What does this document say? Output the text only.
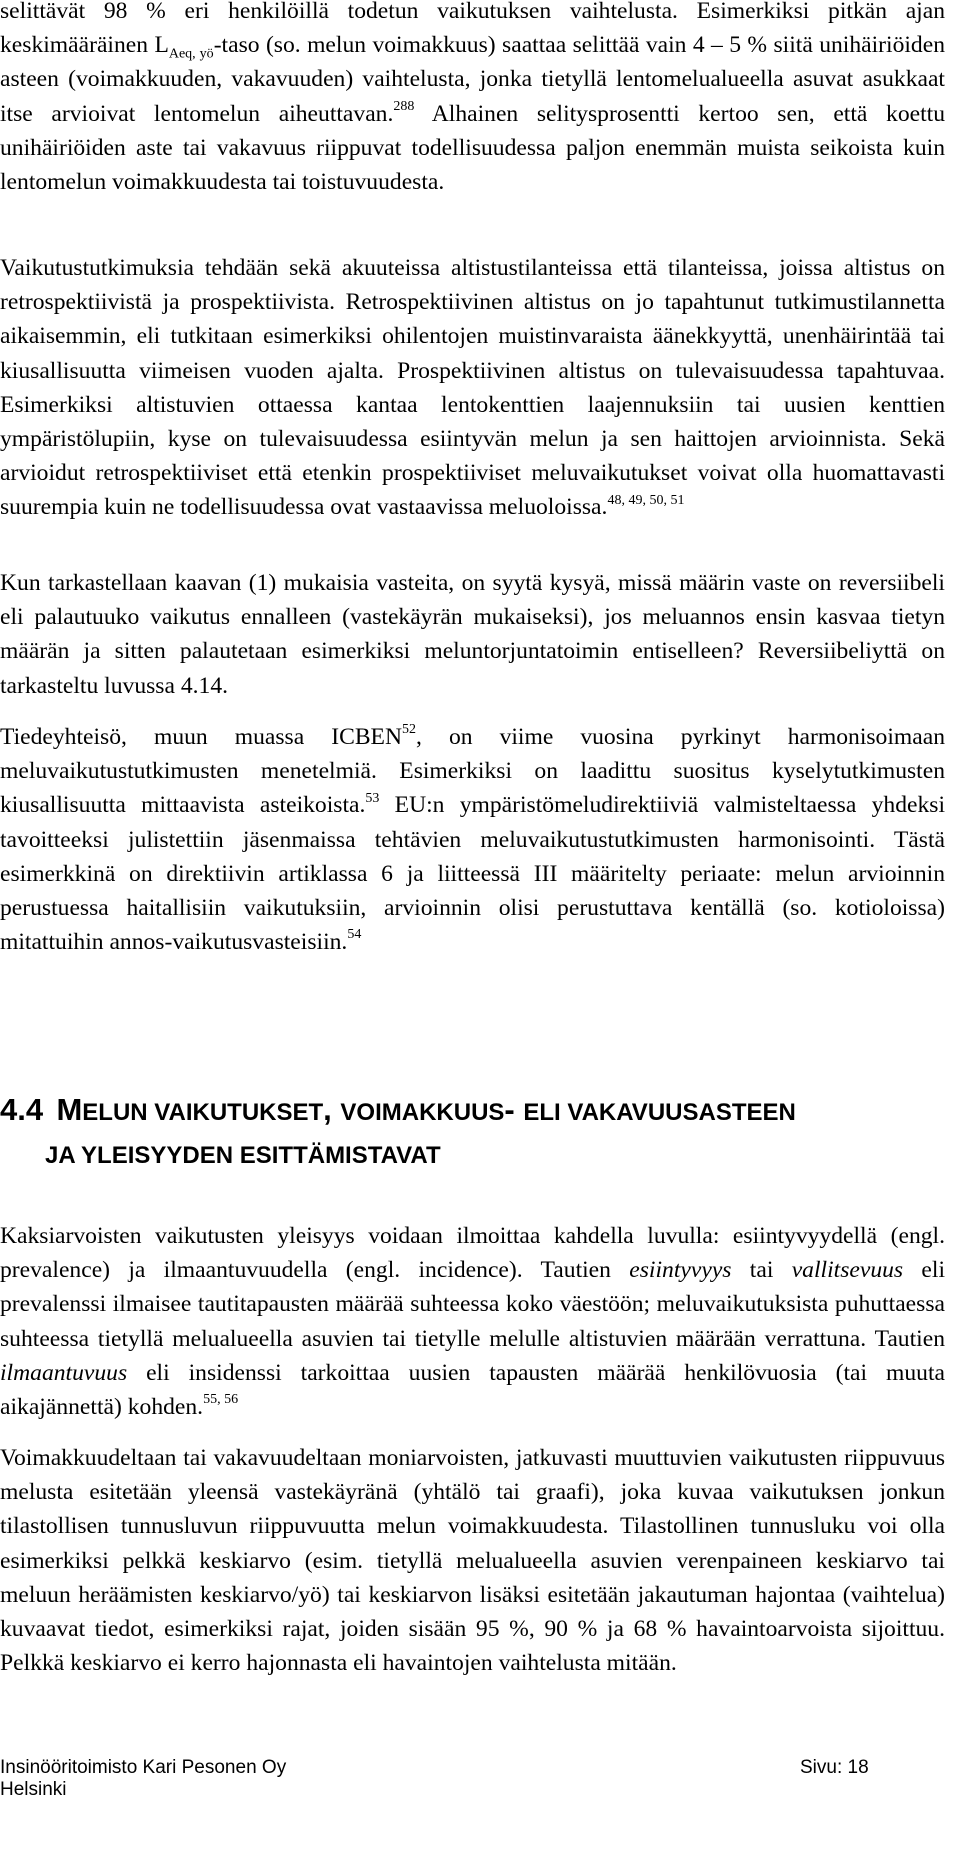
selittävät 98 % eri henkilöillä todetun vaikutuksen vaihtelusta. Esimerkiksi pitkän ajan keskimääräinen $L_{Aeq, yö}$-taso (so. melun voimakkuus) saattaa selittää vain 4 – 5 % siitä unihäiriöiden asteen (voimakkuuden, vakavuuden) vaihtelusta, jonka tietyllä lentomelualueella asuvat asukkaat itse arvioivat lentomelun aiheuttavan.$^{288}$ Alhainen selitysprosentti kertoo sen, että koettu unihäiriöiden aste tai vakavuus riippuvat todellisuudessa paljon enemmän muista seikoista kuin lentomelun voimakkuudesta tai toistuvuudesta.

Vaikutustutkimuksia tehdään sekä akuuteissa altistustilanteissa että tilanteissa, joissa altistus on retrospektiivistä ja prospektiivista. Retrospektiivinen altistus on jo tapahtunut tutkimustilannetta aikaisemmin, eli tutkitaan esimerkiksi ohilentojen muistinvaraista äänekkyyttä, unenhäirintää tai kiusallisuutta viimeisen vuoden ajalta. Prospektiivinen altistus on tulevaisuudessa tapahtuvaa. Esimerkiksi altistuvien ottaessa kantaa lentokenttien laajennuksiin tai uusien kenttien ympäristölupiin, kyse on tulevaisuudessa esiintyvän melun ja sen haittojen arvioinnista. Sekä arvioidut retrospektiiviset että etenkin prospektiiviset meluvaikutukset voivat olla huomattavasti suurempia kuin ne todellisuudessa ovat vastaavissa meluoloissa.$^{48, 49, 50, 51}$

Kun tarkastellaan kaavan (1) mukaisia vasteita, on syytä kysyä, missä määrin vaste on reversiibeli eli palautuuko vaikutus ennalleen (vastekäyrän mukaiseksi), jos meluannos ensin kasvaa tietyn määrän ja sitten palautetaan esimerkiksi meluntorjuntatoimin entiselleen? Reversiibeliyttä on tarkasteltu luvussa 4.14.

Tiedeyhteisö, muun muassa ICBEN$^{52}$, on viime vuosina pyrkinyt harmonisoimaan meluvaikutustutkimusten menetelmiä. Esimerkiksi on laadittu suositus kyselytutkimusten kiusallisuutta mittaavista asteikoista.$^{53}$ EU:n ympäristömeludirektiiviä valmisteltaessa yhdeksi tavoitteeksi julistettiin jäsenmaissa tehtävien meluvaikutustutkimusten harmonisointi. Tästä esimerkkinä on direktiivin artiklassa 6 ja liitteessä III määritelty periaate: melun arvioinnin perustuessa haitallisiin vaikutuksiin, arvioinnin olisi perustuttava kentällä (so. kotioloissa) mitattuihin annos-vaikutusvasteisiin.$^{54}$

4.4 MELUN VAIKUTUKSET, VOIMAKKUUS- ELI VAKAVUUSASTEEN
JA YLEISYYDEN ESITTÄMISTAVAT

Kaksiarvoisten vaikutusten yleisyys voidaan ilmoittaa kahdella luvulla: esiintyvyydellä (engl. prevalence) ja ilmaantuvuudella (engl. incidence). Tautien esiintyvyys tai vallitsevuus eli prevalenssi ilmaisee tautitapausten määrää suhteessa koko väestöön; meluvaikutuksista puhuttaessa suhteessa tietyllä melualueella asuvien tai tietylle melulle altistuvien määrään verrattuna. Tautien ilmaantuvuus eli insidenssi tarkoittaa uusien tapausten määrää henkilövuosia (tai muuta aikajännettä) kohden.$^{55, 56}$

Voimakkuudeltaan tai vakavuudeltaan moniarvoisten, jatkuvasti muuttuvien vaikutusten riippuvuus melusta esitetään yleensä vastekäyränä (yhtälö tai graafi), joka kuvaa vaikutuksen jonkun tilastollisen tunnusluvun riippuvuutta melun voimakkuudesta. Tilastollinen tunnusluku voi olla esimerkiksi pelkkä keskiarvo (esim. tietyllä melualueella asuvien verenpaineen keskiarvo tai meluun heräämisten keskiarvo/yö) tai keskiarvon lisäksi esitetään jakautuman hajontaa (vaihtelua) kuvaavat tiedot, esimerkiksi rajat, joiden sisään 95 %, 90 % ja 68 % havaintoarvoista sijoittuu. Pelkkä keskiarvo ei kerro hajonnasta eli havaintojen vaihtelusta mitään.

Insinööritoimisto Kari Pesonen Oy
Helsinki
Sivu: 18
